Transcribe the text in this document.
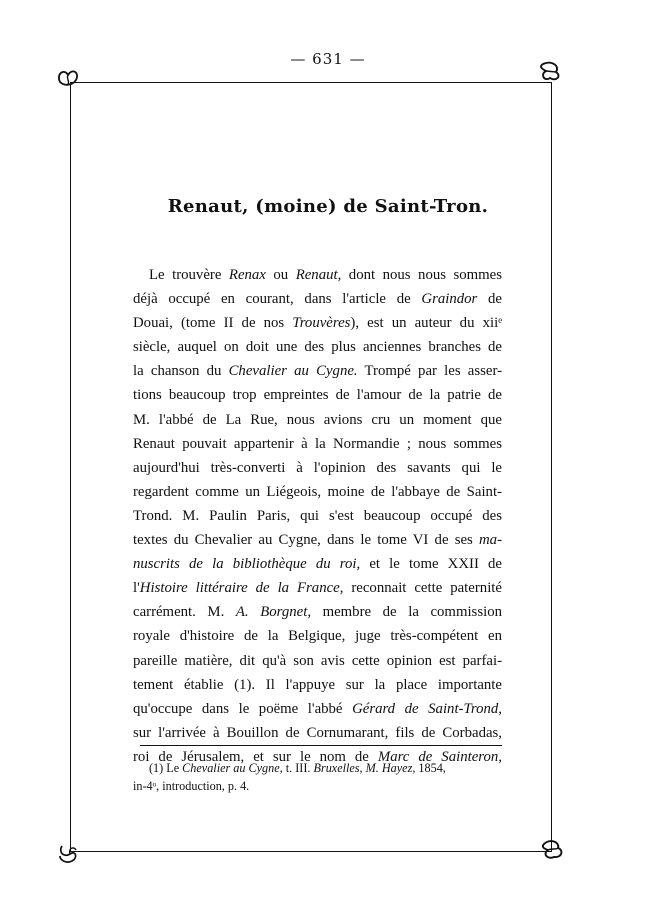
— 631 —
Renaut, (moine) de Saint-Tron.
Le trouvère Renax ou Renaut, dont nous nous sommes
déjà occupé en courant, dans l'article de Graindor de
Douai, (tome II de nos Trouvères), est un auteur du xiiᵉ
siècle, auquel on doit une des plus anciennes branches de
la chanson du Chevalier au Cygne. Trompé par les asser-
tions beaucoup trop empreintes de l'amour de la patrie de
M. l'abbé de La Rue, nous avions cru un moment que
Renaut pouvait appartenir à la Normandie ; nous sommes
aujourd'hui très-converti à l'opinion des savants qui le
regardent comme un Liégeois, moine de l'abbaye de Saint-
Trond. M. Paulin Paris, qui s'est beaucoup occupé des
textes du Chevalier au Cygne, dans le tome VI de ses ma-
nuscrits de la bibliothèque du roi, et le tome XXII de
l'Histoire littéraire de la France, reconnait cette paternité
carrément. M. A. Borgnet, membre de la commission
royale d'histoire de la Belgique, juge très-compétent en
pareille matière, dit qu'à son avis cette opinion est parfai-
tement établie (1). Il l'appuye sur la place importante
qu'occupe dans le poëme l'abbé Gérard de Saint-Trond,
sur l'arrivée à Bouillon de Cornumarant, fils de Corbadas,
roi de Jérusalem, et sur le nom de Marc de Sainteron,
(1) Le Chevalier au Cygne, t. III. Bruxelles, M. Hayez, 1854,
in-4ᵒ, introduction, p. 4.
